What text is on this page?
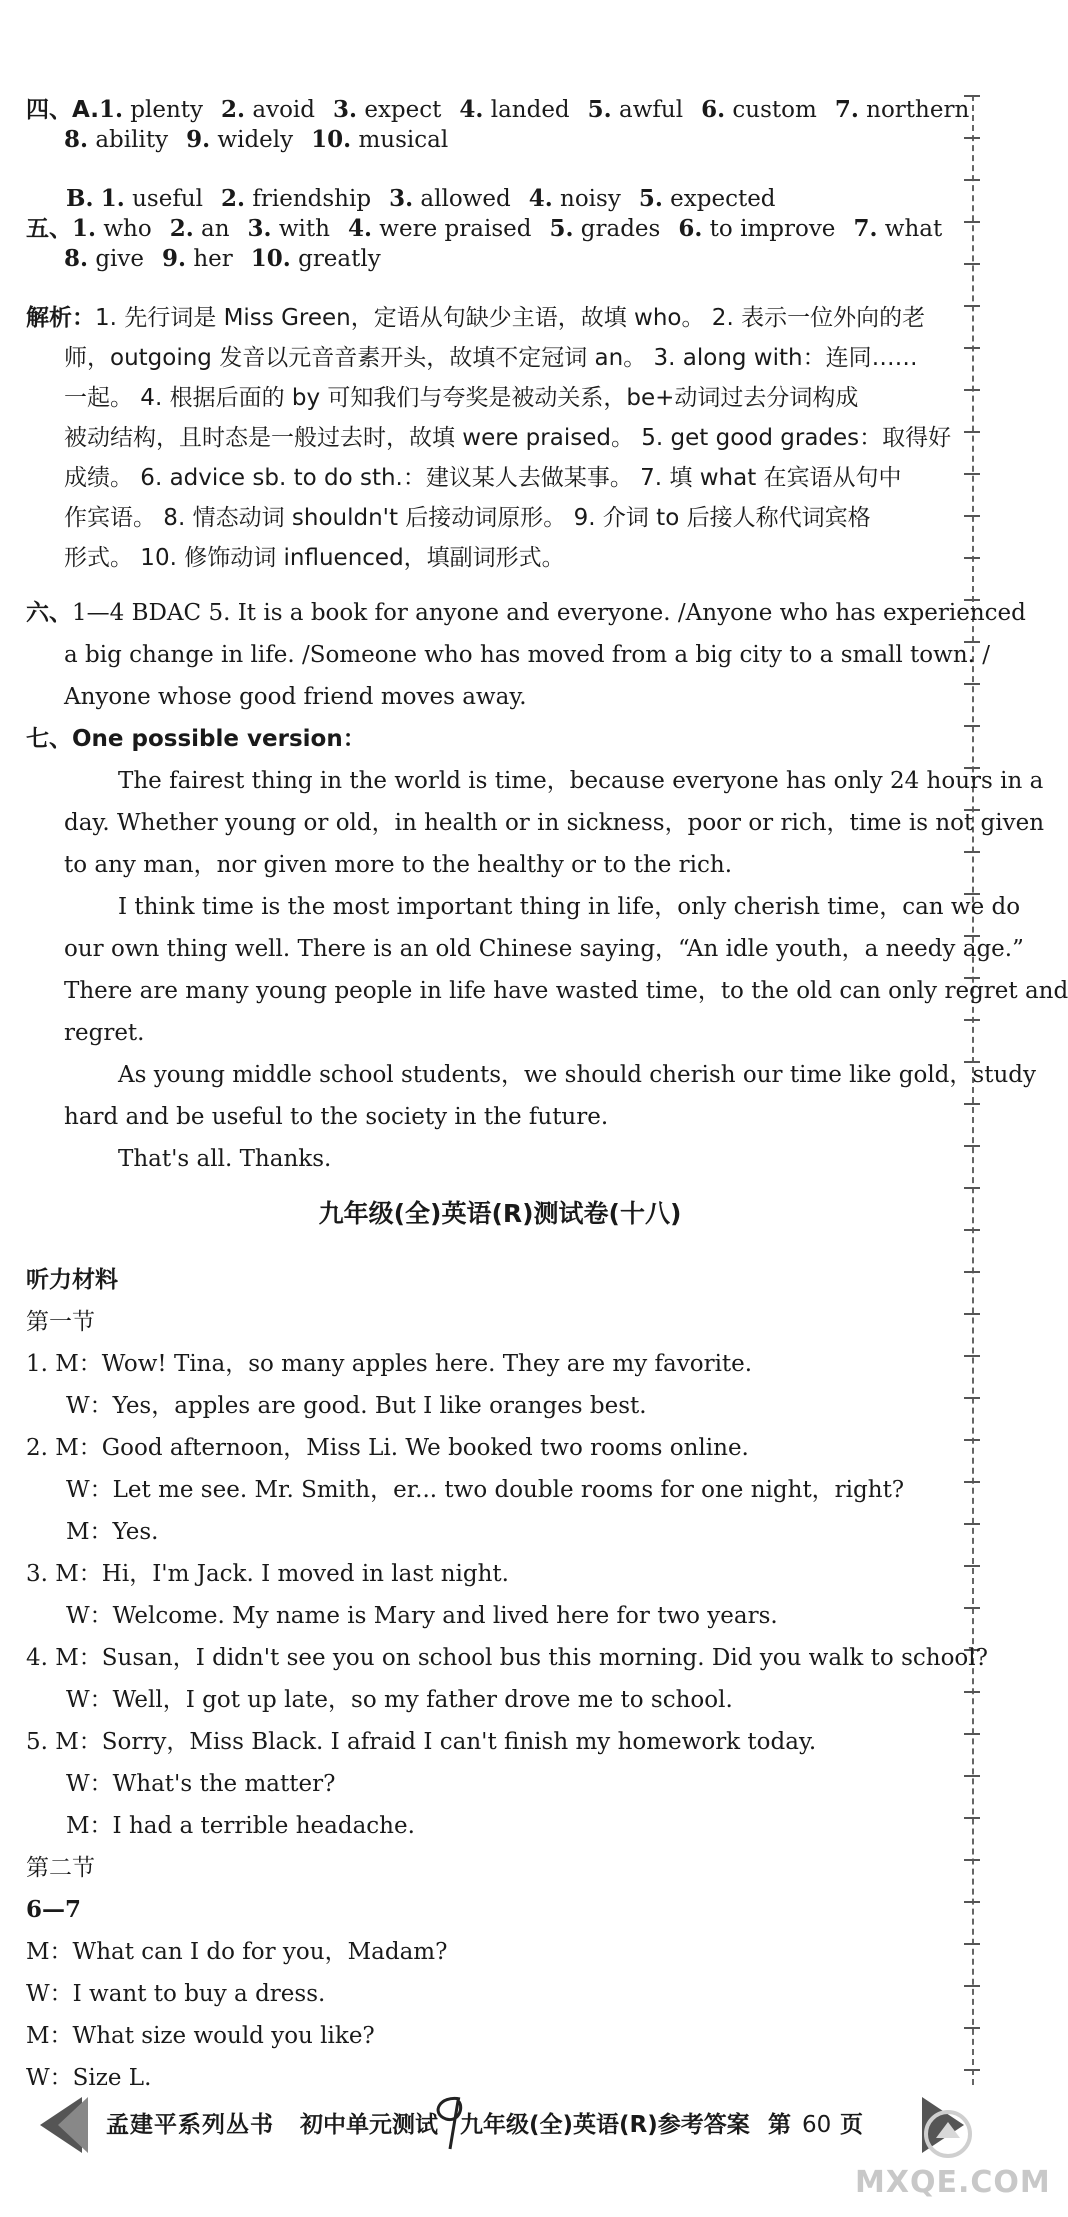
四、A.1. plenty 2. avoid 3. expect 4. landed 5. awful 6. custom 7. northern
8. ability 9. widely 10. musical
B. 1. useful 2. friendship 3. allowed 4. noisy 5. expected
五、1. who 2. an 3. with 4. were praised 5. grades 6. to improve 7. what
8. give 9. her 10. greatly
解析：1. 先行词是 Miss Green，定语从句缺少主语，故填 who。 2. 表示一位外向的老
师，outgoing 发音以元音音素开头，故填不定冠词 an。 3. along with：连同……
一起。 4. 根据后面的 by 可知我们与夸奖是被动关系，be+动词过去分词构成
被动结构，且时态是一般过去时，故填 were praised。 5. get good grades：取得好
成绩。 6. advice sb. to do sth.：建议某人去做某事。 7. 填 what 在宾语从句中
作宾语。 8. 情态动词 shouldn't 后接动词原形。 9. 介词 to 后接人称代词宾格
形式。 10. 修饰动词 influenced，填副词形式。
六、1—4 BDAC 5. It is a book for anyone and everyone. /Anyone who has experienced
a big change in life. /Someone who has moved from a big city to a small town. /
Anyone whose good friend moves away.
七、One possible version：
The fairest thing in the world is time，because everyone has only 24 hours in a
day. Whether young or old，in health or in sickness，poor or rich，time is not given
to any man，nor given more to the healthy or to the rich.
I think time is the most important thing in life，only cherish time，can we do
our own thing well. There is an old Chinese saying，“An idle youth，a needy age.”
There are many young people in life have wasted time，to the old can only regret and
regret.
As young middle school students，we should cherish our time like gold，study
hard and be useful to the society in the future.
That's all. Thanks.
九年级(全)英语(R)测试卷(十八)
听力材料
第一节
1. M：Wow! Tina，so many apples here. They are my favorite.
W：Yes，apples are good. But I like oranges best.
2. M：Good afternoon，Miss Li. We booked two rooms online.
W：Let me see. Mr. Smith，er... two double rooms for one night，right?
M：Yes.
3. M：Hi，I'm Jack. I moved in last night.
W：Welcome. My name is Mary and lived here for two years.
4. M：Susan，I didn't see you on school bus this morning. Did you walk to school?
W：Well，I got up late，so my father drove me to school.
5. M：Sorry，Miss Black. I afraid I can't finish my homework today.
W：What's the matter?
M：I had a terrible headache.
第二节
6—7
M：What can I do for you，Madam?
W：I want to buy a dress.
M：What size would you like?
W：Size L.
孟建平系列丛书 初中单元测试 九年级(全)英语(R)参考答案 第 60 页
MXQE.COM
